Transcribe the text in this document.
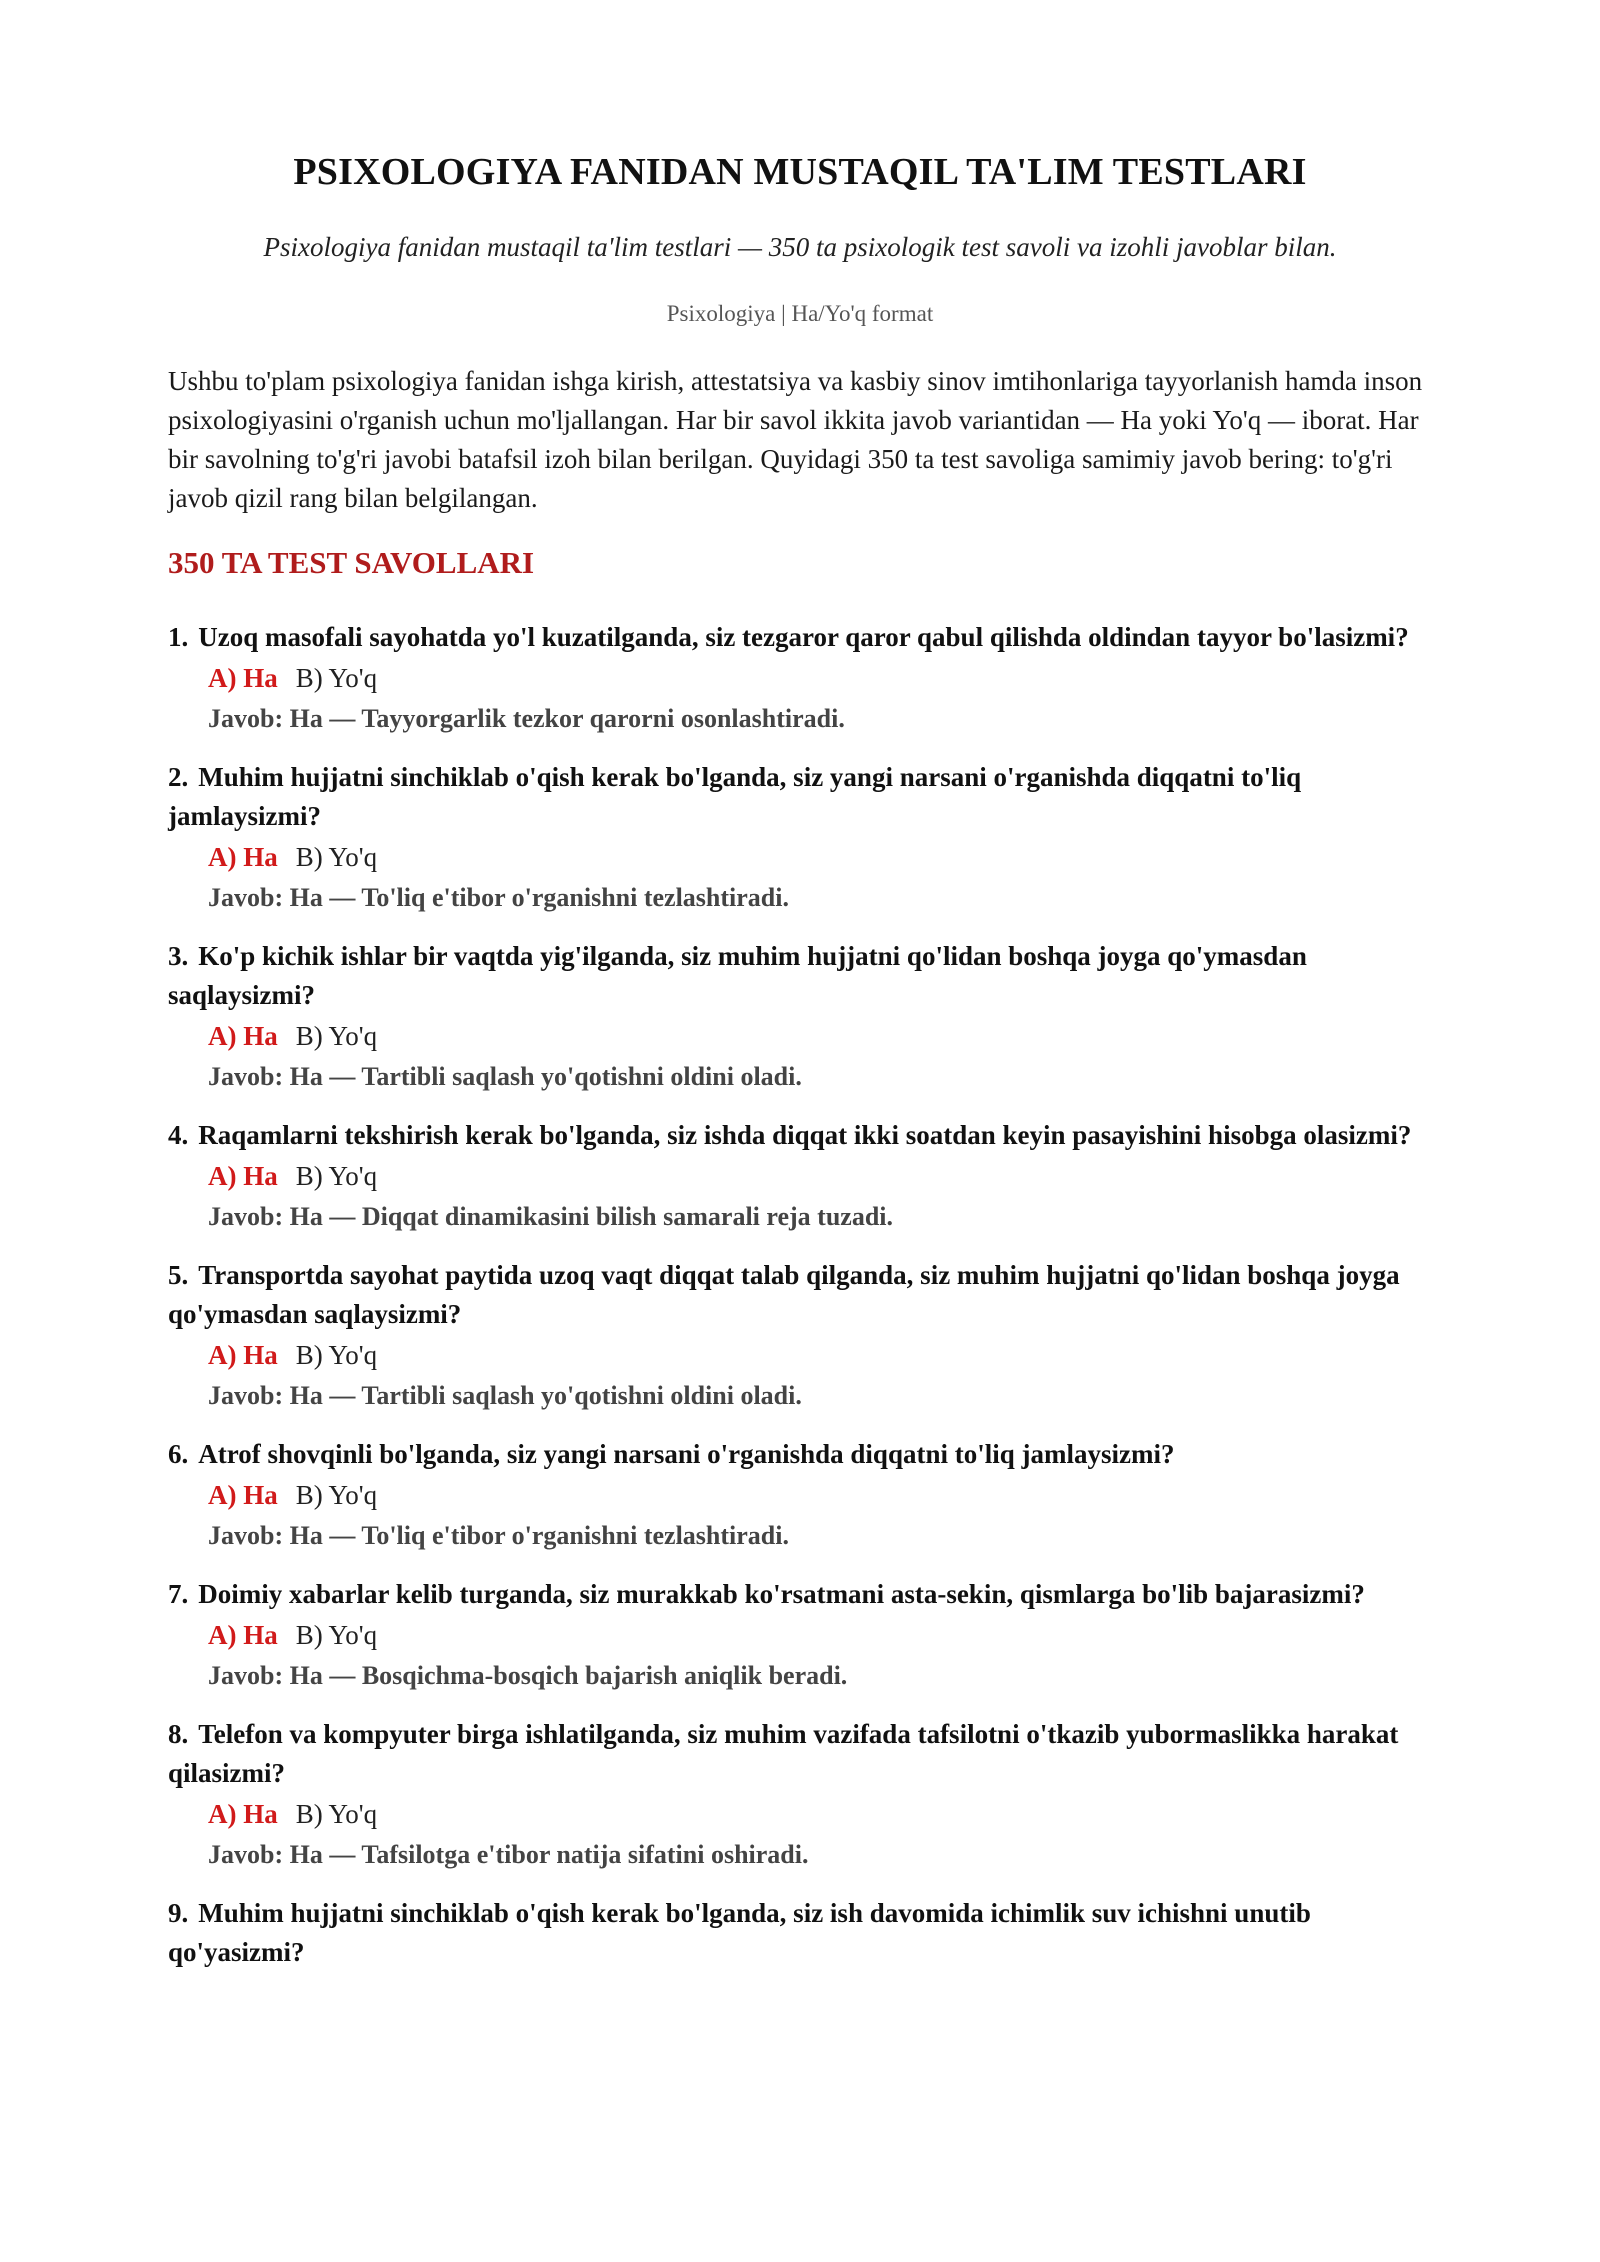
PSIXOLOGIYA FANIDAN MUSTAQIL TA'LIM TESTLARI
Psixologiya fanidan mustaqil ta'lim testlari — 350 ta psixologik test savoli va izohli javoblar bilan.
Psixologiya | Ha/Yo'q format
Ushbu to'plam psixologiya fanidan ishga kirish, attestatsiya va kasbiy sinov imtihonlariga tayyorlanish hamda inson psixologiyasini o'rganish uchun mo'ljallangan. Har bir savol ikkita javob variantidan — Ha yoki Yo'q — iborat. Har bir savolning to'g'ri javobi batafsil izoh bilan berilgan. Quyidagi 350 ta test savoliga samimiy javob bering: to'g'ri javob qizil rang bilan belgilangan.
350 TA TEST SAVOLLARI
1. Uzoq masofali sayohatda yo'l kuzatilganda, siz tezgaror qaror qabul qilishda oldindan tayyor bo'lasizmi?
A) Ha B) Yo'q
Javob: Ha — Tayyorgarlik tezkor qarorni osonlashtiradi.
2. Muhim hujjatni sinchiklab o'qish kerak bo'lganda, siz yangi narsani o'rganishda diqqatni to'liq jamlaysizmi?
A) Ha B) Yo'q
Javob: Ha — To'liq e'tibor o'rganishni tezlashtiradi.
3. Ko'p kichik ishlar bir vaqtda yig'ilganda, siz muhim hujjatni qo'lidan boshqa joyga qo'ymasdan saqlaysizmi?
A) Ha B) Yo'q
Javob: Ha — Tartibli saqlash yo'qotishni oldini oladi.
4. Raqamlarni tekshirish kerak bo'lganda, siz ishda diqqat ikki soatdan keyin pasayishini hisobga olasizmi?
A) Ha B) Yo'q
Javob: Ha — Diqqat dinamikasini bilish samarali reja tuzadi.
5. Transportda sayohat paytida uzoq vaqt diqqat talab qilganda, siz muhim hujjatni qo'lidan boshqa joyga qo'ymasdan saqlaysizmi?
A) Ha B) Yo'q
Javob: Ha — Tartibli saqlash yo'qotishni oldini oladi.
6. Atrof shovqinli bo'lganda, siz yangi narsani o'rganishda diqqatni to'liq jamlaysizmi?
A) Ha B) Yo'q
Javob: Ha — To'liq e'tibor o'rganishni tezlashtiradi.
7. Doimiy xabarlar kelib turganda, siz murakkab ko'rsatmani asta-sekin, qismlarga bo'lib bajarasizmi?
A) Ha B) Yo'q
Javob: Ha — Bosqichma-bosqich bajarish aniqlik beradi.
8. Telefon va kompyuter birga ishlatilganda, siz muhim vazifada tafsilotni o'tkazib yubormaslikka harakat qilasizmi?
A) Ha B) Yo'q
Javob: Ha — Tafsilotga e'tibor natija sifatini oshiradi.
9. Muhim hujjatni sinchiklab o'qish kerak bo'lganda, siz ish davomida ichimlik suv ichishni unutib qo'yasizmi?
